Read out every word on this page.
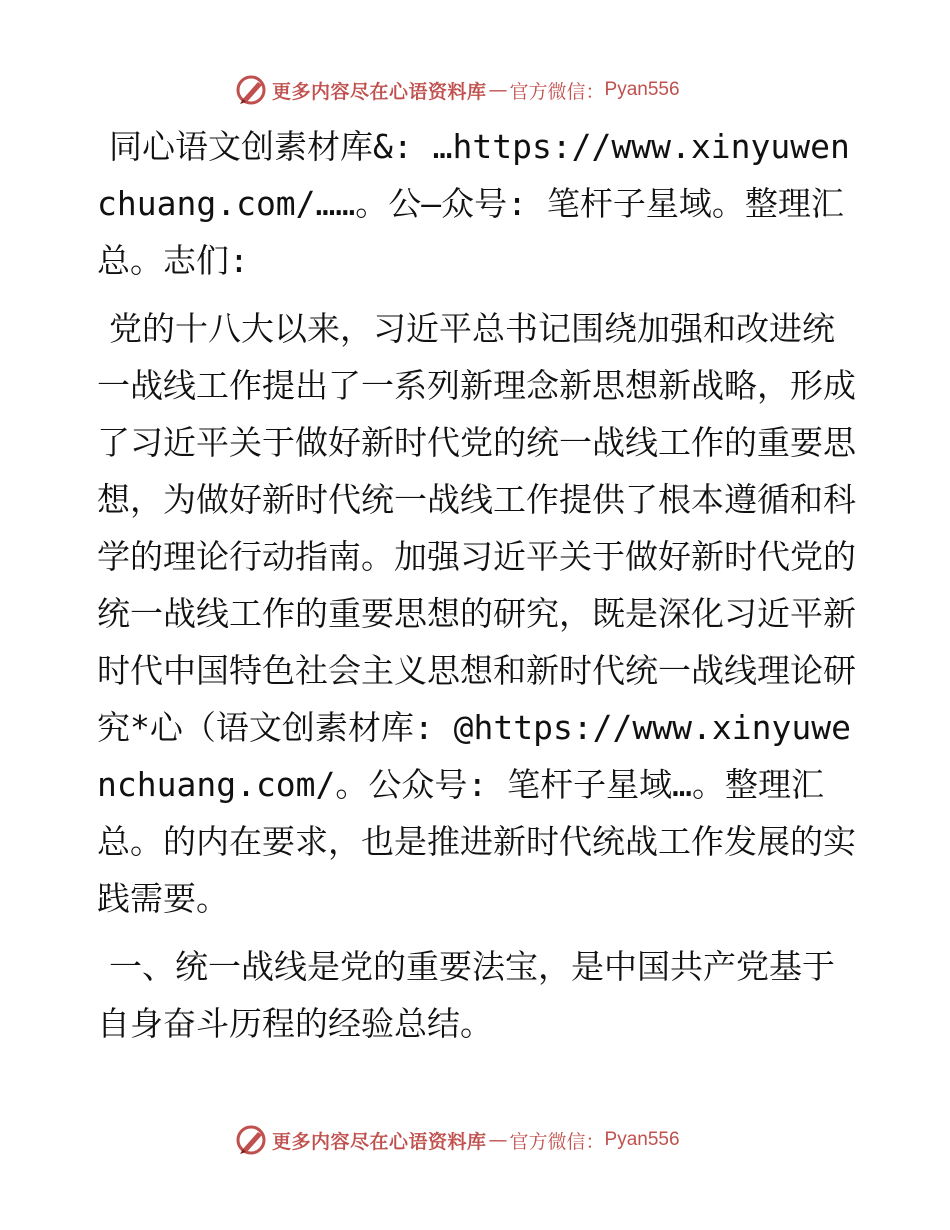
更多内容尽在心语资料库 — 官方微信： Pyan556

同心语文创素材库&: …https://www.xinyuwenchuang.com/……。公—众号: 笔杆子星域。整理汇总。志们:

党的十八大以来，习近平总书记围绕加强和改进统一战线工作提出了一系列新理念新思想新战略，形成了习近平关于做好新时代党的统一战线工作的重要思想，为做好新时代统一战线工作提供了根本遵循和科学的理论行动指南。加强习近平关于做好新时代党的统一战线工作的重要思想的研究，既是深化习近平新时代中国特色社会主义思想和新时代统一战线理论研究*心（语文创素材库: @https://www.xinyuwenchuang.com/。公众号: 笔杆子星域…。整理汇总。的内在要求，也是推进新时代统战工作发展的实践需要。

一、统一战线是党的重要法宝，是中国共产党基于自身奋斗历程的经验总结。

更多内容尽在心语资料库 — 官方微信： Pyan556
